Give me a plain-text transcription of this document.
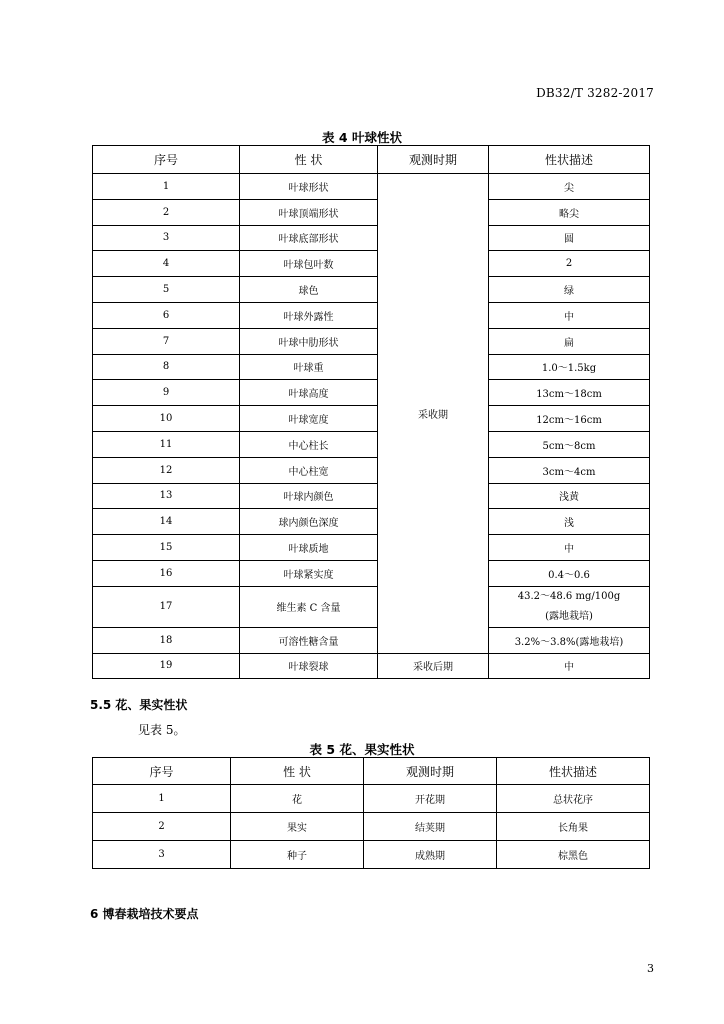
DB32/T 3282-2017
表 4 叶球性状
序号	性 状	观测时期	性状描述
1	叶球形状	采收期	尖
2	叶球顶端形状		略尖
3	叶球底部形状		圆
4	叶球包叶数		2
5	球色		绿
6	叶球外露性		中
7	叶球中肋形状		扁
8	叶球重		1.0～1.5kg
9	叶球高度		13cm～18cm
10	叶球宽度		12cm～16cm
11	中心柱长		5cm～8cm
12	中心柱宽		3cm～4cm
13	叶球内颜色		浅黄
14	球内颜色深度		浅
15	叶球质地		中
16	叶球紧实度		0.4～0.6
17	维生素 C 含量		43.2～48.6 mg/100g
(露地栽培)

18	可溶性糖含量		3.2%～3.8%(露地栽培)
19	叶球裂球	采收后期	中
5.5 花、果实性状
见表 5。
表 5 花、果实性状
序号	性 状	观测时期	性状描述
1	花	开花期	总状花序
2	果实	结荚期	长角果
3	种子	成熟期	棕黑色
6 博春栽培技术要点
3
